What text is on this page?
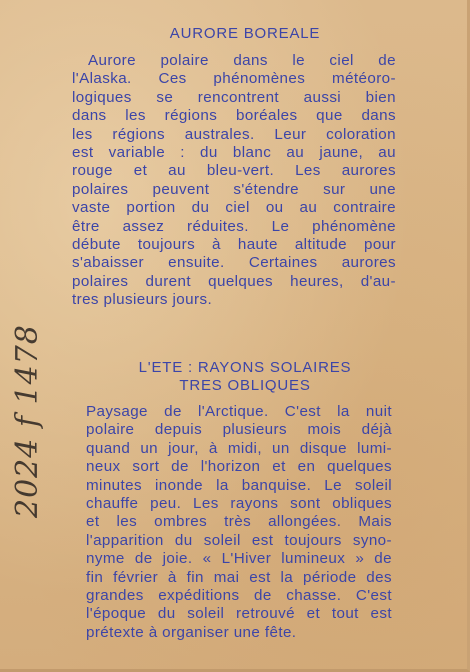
AURORE BOREALE
Aurore polaire dans le ciel de
l'Alaska. Ces phénomènes météoro-
logiques se rencontrent aussi bien
dans les régions boréales que dans
les régions australes. Leur coloration
est variable : du blanc au jaune, au
rouge et au bleu-vert. Les aurores
polaires peuvent s'étendre sur une
vaste portion du ciel ou au contraire
être assez réduites. Le phénomène
débute toujours à haute altitude pour
s'abaisser ensuite. Certaines aurores
polaires durent quelques heures, d'au-
tres plusieurs jours.
L'ETE : RAYONS SOLAIRES
TRES OBLIQUES
Paysage de l'Arctique. C'est la nuit
polaire depuis plusieurs mois déjà
quand un jour, à midi, un disque lumi-
neux sort de l'horizon et en quelques
minutes inonde la banquise. Le soleil
chauffe peu. Les rayons sont obliques
et les ombres très allongées. Mais
l'apparition du soleil est toujours syno-
nyme de joie. « L'Hiver lumineux » de
fin février à fin mai est la période des
grandes expéditions de chasse. C'est
l'époque du soleil retrouvé et tout est
prétexte à organiser une fête.
2024 f 1478
